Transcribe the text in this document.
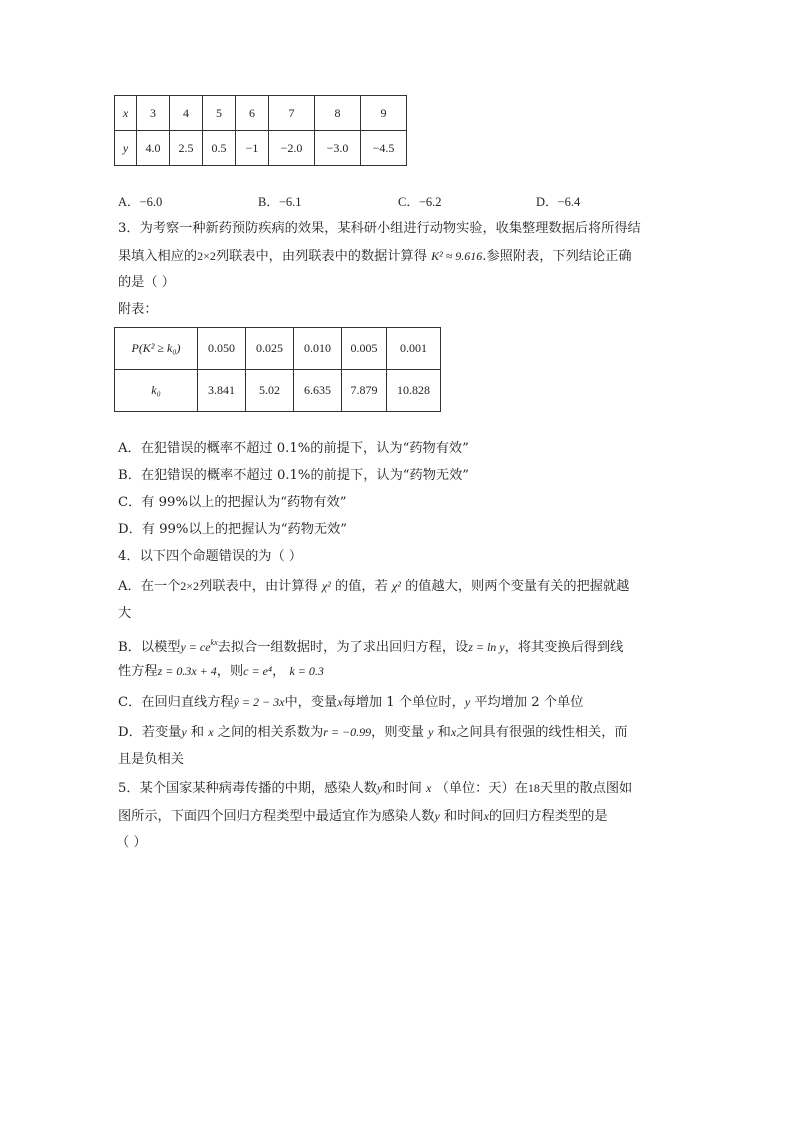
x	3	4	5	6	7	8	9
y	4.0	2.5	0.5	−1	−2.0	−3.0	−4.5
A．−6.0	B．−6.1	C．−6.2	D．−6.4
3．为考察一种新药预防疾病的效果，某科研小组进行动物实验，收集整理数据后将所得结
果填入相应的2×2列联表中，由列联表中的数据计算得 K² ≈ 9.616.参照附表，下列结论正确
的是（ ）
附表：
P(K² ≥ k₀)	0.050	0.025	0.010	0.005	0.001
k₀	3.841	5.02	6.635	7.879	10.828
A．在犯错误的概率不超过 0.1%的前提下，认为“药物有效”
B．在犯错误的概率不超过 0.1%的前提下，认为“药物无效”
C．有 99%以上的把握认为“药物有效”
D．有 99%以上的把握认为“药物无效”
4．以下四个命题错误的为（ ）
A．在一个2×2列联表中，由计算得 χ² 的值，若 χ² 的值越大，则两个变量有关的把握就越
大
B．以模型$y = ce^{kx}$去拟合一组数据时，为了求出回归方程，设z = ln y，将其变换后得到线
性方程z = 0.3x + 4，则c = e⁴， k = 0.3
C．在回归直线方程ŷ = 2 − 3x中，变量x每增加 1 个单位时，y 平均增加 2 个单位
D．若变量y 和 x 之间的相关系数为r = −0.99，则变量 y 和x之间具有很强的线性相关，而
且是负相关
5．某个国家某种病毒传播的中期，感染人数y和时间 x （单位：天）在18天里的散点图如
图所示，下面四个回归方程类型中最适宜作为感染人数y 和时间x的回归方程类型的是
（ ）
